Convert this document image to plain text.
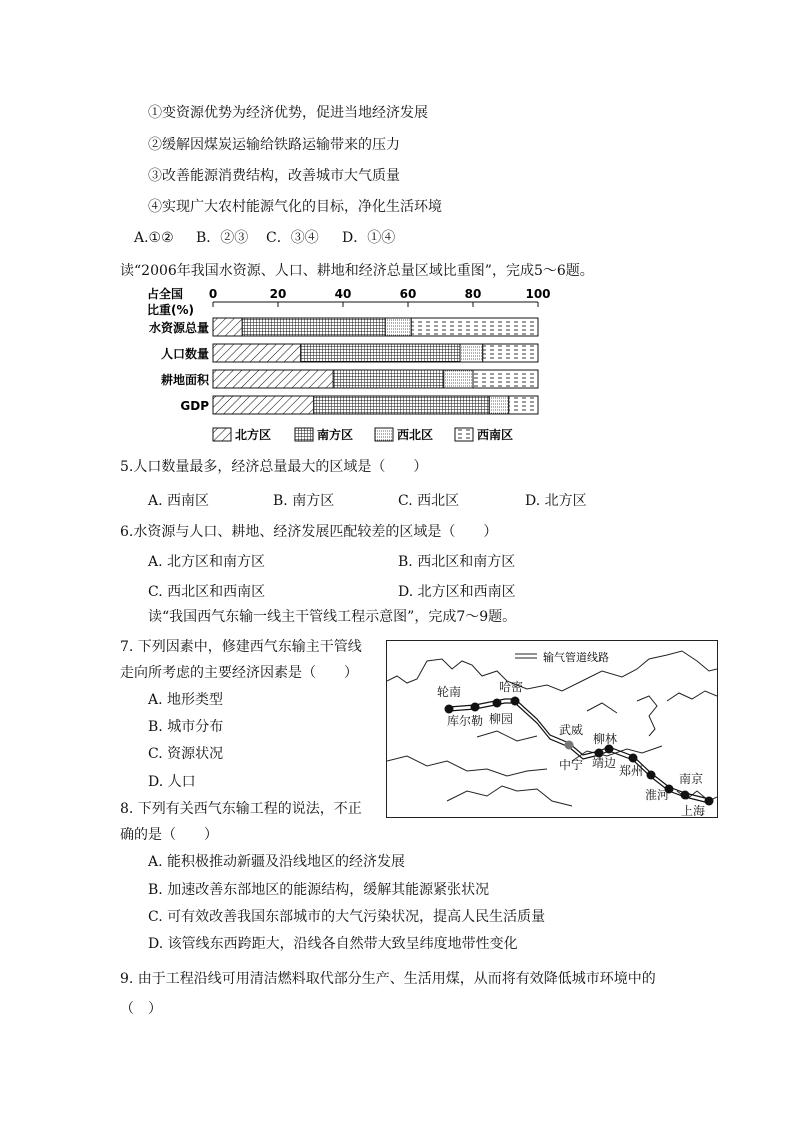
①变资源优势为经济优势，促进当地经济发展
②缓解因煤炭运输给铁路运输带来的压力
③改善能源消费结构，改善城市大气质量
④实现广大农村能源气化的目标，净化生活环境
A.①② B．②③ C．③④ D．①④
读“2006年我国水资源、人口、耕地和经济总量区域比重图”，完成5～6题。
占全国
比重(%)
0	20	40	60	80	100
水资源总量
人口数量
耕地面积
GDP
北方区	南方区	西北区	西南区
5.人口数量最多，经济总量最大的区域是（　　）
A. 西南区	B. 南方区	C. 西北区	D. 北方区
6.水资源与人口、耕地、经济发展匹配较差的区域是（　　）
A. 北方区和南方区	B. 西北区和南方区
C. 西北区和西南区	D. 北方区和西南区
读“我国西气东输一线主干管线工程示意图”，完成7～9题。
7. 下列因素中，修建西气东输主干管线
走向所考虑的主要经济因素是（　　）
A. 地形类型
B. 城市分布
C. 资源状况
D. 人口
8. 下列有关西气东输工程的说法，不正
确的是（　　）
A. 能积极推动新疆及沿线地区的经济发展
B. 加速改善东部地区的能源结构，缓解其能源紧张状况
C. 可有效改善我国东部城市的大气污染状况，提高人民生活质量
D. 该管线东西跨距大，沿线各自然带大致呈纬度地带性变化
9. 由于工程沿线可用清洁燃料取代部分生产、生活用煤，从而将有效降低城市环境中的
（　）
输气管道线路
轮南
库尔勒
哈密
柳园
武威
中宁 靖边
柳林
郑州
淮河
南京
上海
